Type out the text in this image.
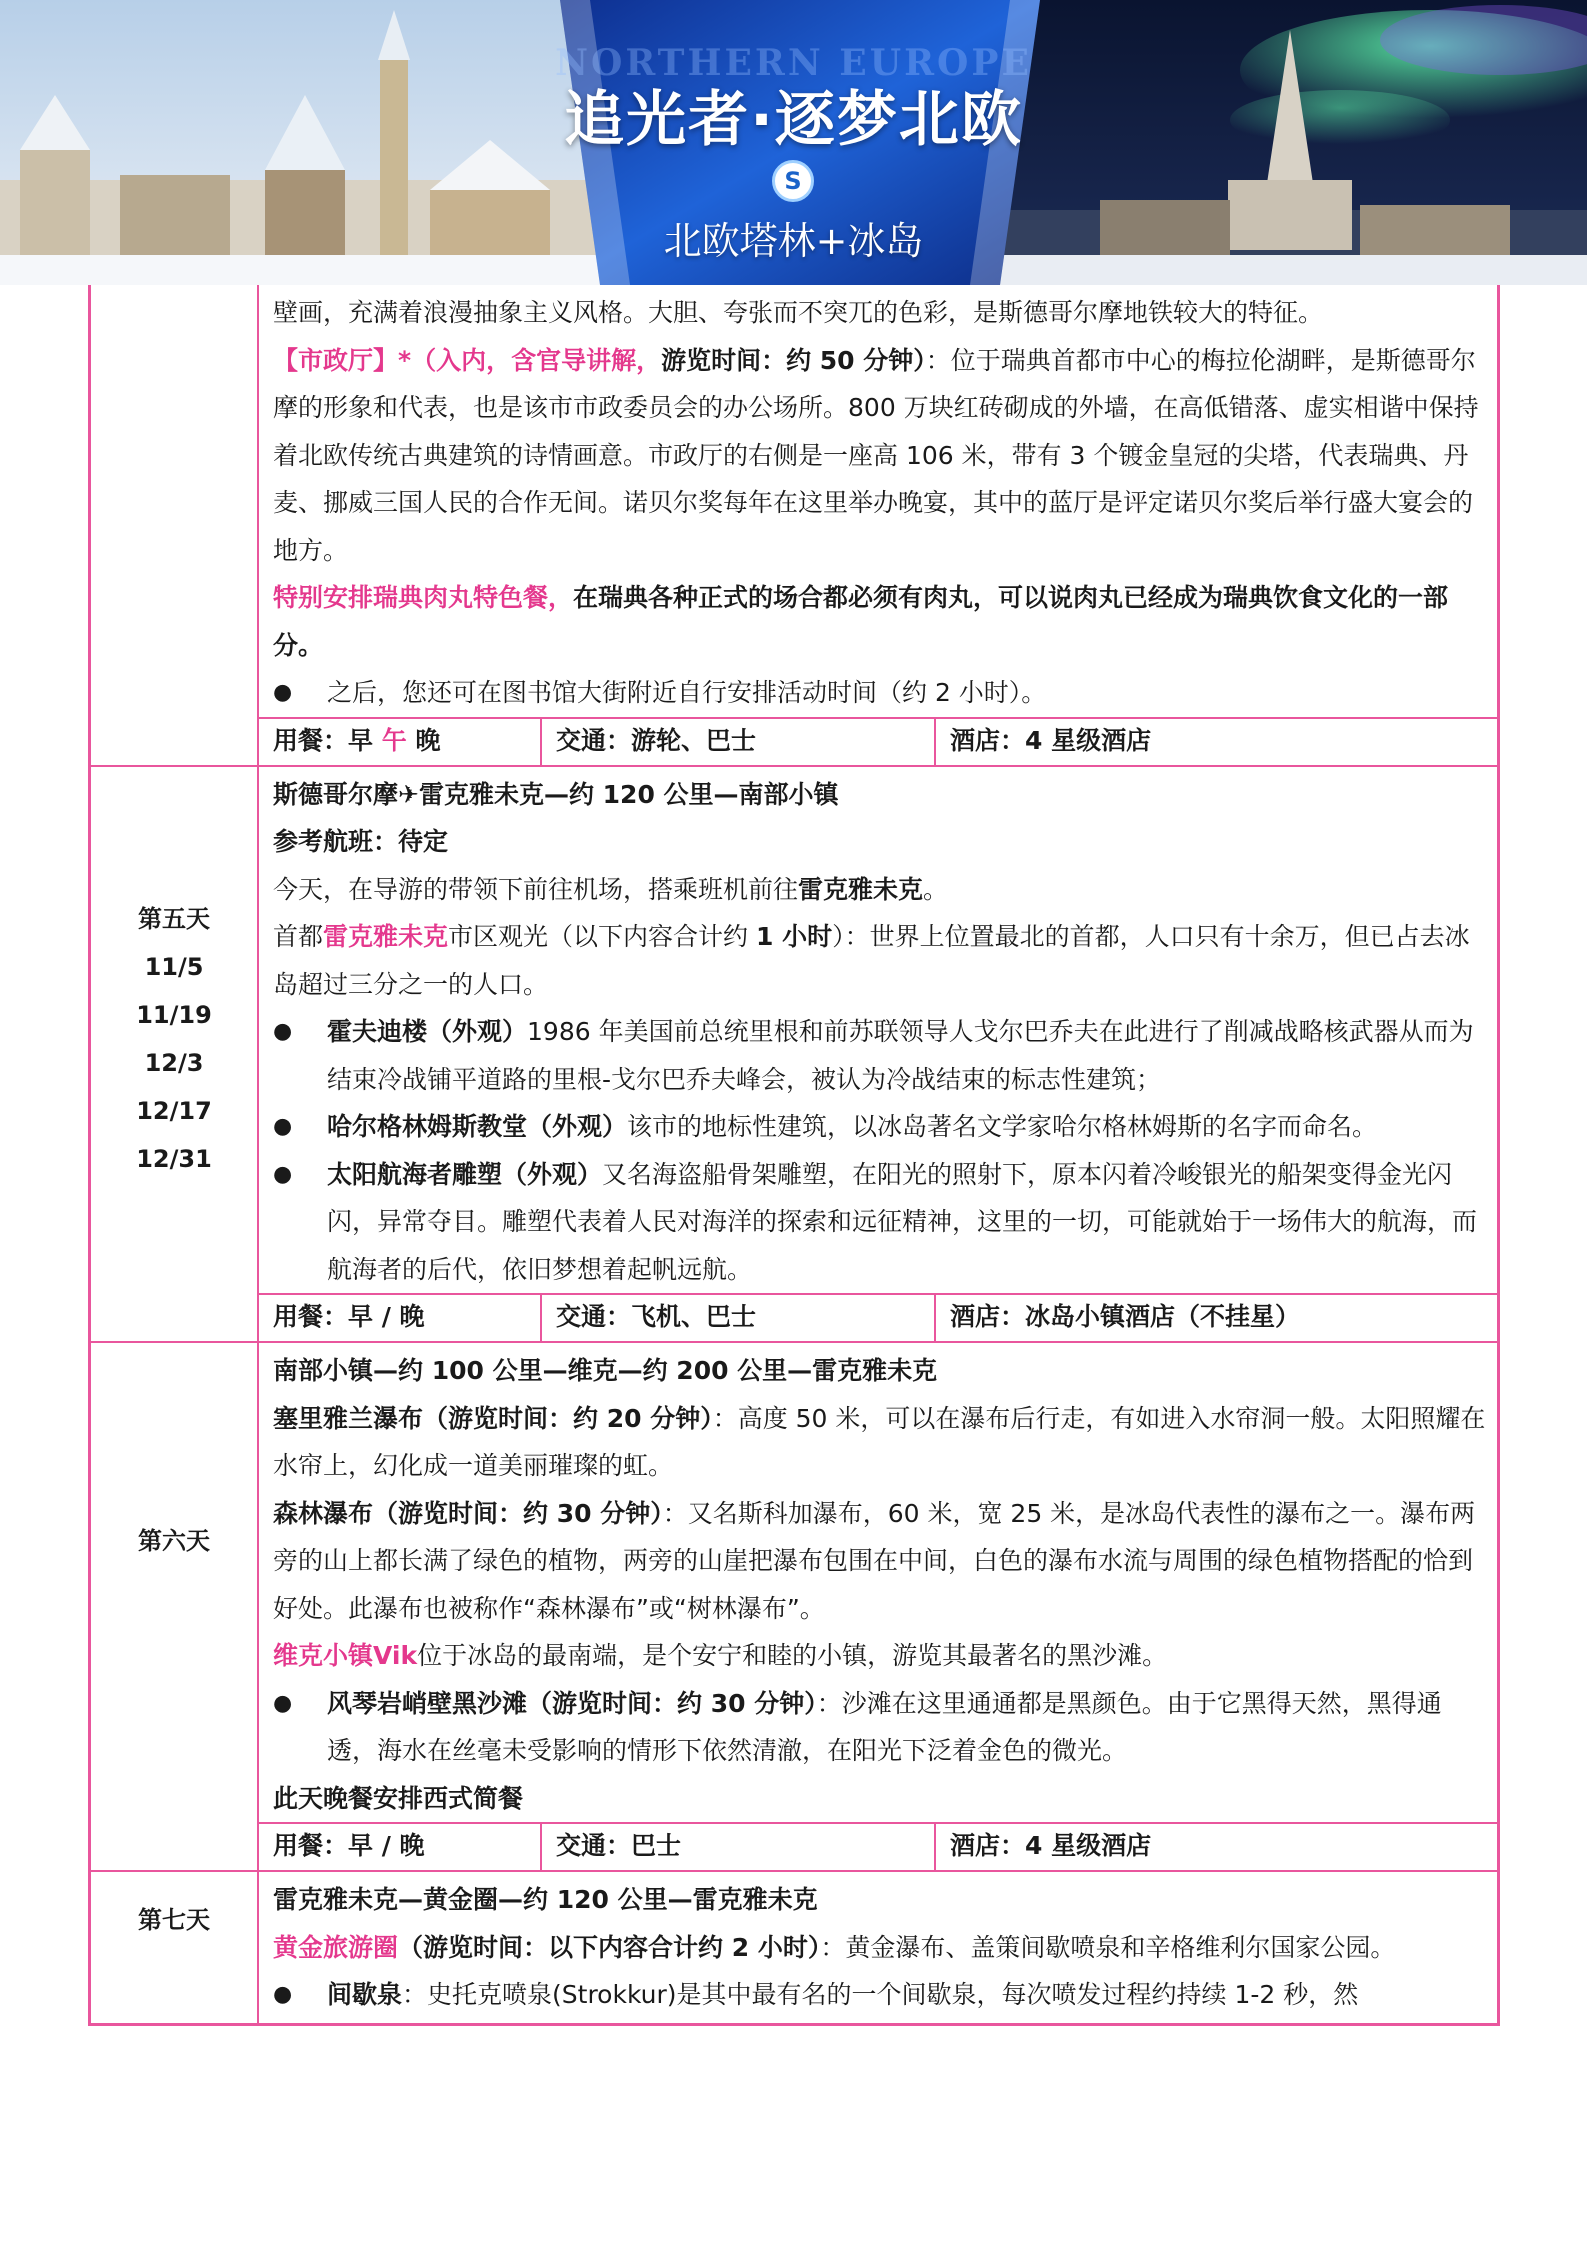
NORTHERN EUROPE
追光者·逐梦北欧
S
北欧塔林+冰岛

壁画，充满着浪漫抽象主义风格。大胆、夸张而不突兀的色彩，是斯德哥尔摩地铁较大的特征。

【市政厅】*（入内，含官导讲解，游览时间：约 50 分钟）：位于瑞典首都市中心的梅拉伦湖畔，是斯德哥尔摩的形象和代表，也是该市市政委员会的办公场所。800 万块红砖砌成的外墙，在高低错落、虚实相谐中保持着北欧传统古典建筑的诗情画意。市政厅的右侧是一座高 106 米，带有 3 个镀金皇冠的尖塔，代表瑞典、丹麦、挪威三国人民的合作无间。诺贝尔奖每年在这里举办晚宴，其中的蓝厅是评定诺贝尔奖后举行盛大宴会的地方。

特别安排瑞典肉丸特色餐，在瑞典各种正式的场合都必须有肉丸，可以说肉丸已经成为瑞典饮食文化的一部分。

●	之后，您还可在图书馆大街附近自行安排活动时间（约 2 小时）。
用餐：早 午 晚	交通：游轮、巴士	酒店：4 星级酒店
第五天
11/5
11/19
12/3
12/17
12/31

斯德哥尔摩✈雷克雅未克—约 120 公里—南部小镇

参考航班：待定

今天，在导游的带领下前往机场，搭乘班机前往雷克雅未克。

首都雷克雅未克市区观光（以下内容合计约 1 小时）：世界上位置最北的首都，人口只有十余万，但已占去冰岛超过三分之一的人口。

●	霍夫迪楼（外观）1986 年美国前总统里根和前苏联领导人戈尔巴乔夫在此进行了削减战略核武器从而为结束冷战铺平道路的里根-戈尔巴乔夫峰会，被认为冷战结束的标志性建筑；
●	哈尔格林姆斯教堂（外观）该市的地标性建筑，以冰岛著名文学家哈尔格林姆斯的名字而命名。
●	太阳航海者雕塑（外观）又名海盗船骨架雕塑，在阳光的照射下，原本闪着冷峻银光的船架变得金光闪闪，异常夺目。雕塑代表着人民对海洋的探索和远征精神，这里的一切，可能就始于一场伟大的航海，而航海者的后代，依旧梦想着起帆远航。
用餐：早 / 晚	交通：飞机、巴士	酒店：冰岛小镇酒店（不挂星）
第六天

南部小镇—约 100 公里—维克—约 200 公里—雷克雅未克

塞里雅兰瀑布（游览时间：约 20 分钟）：高度 50 米，可以在瀑布后行走，有如进入水帘洞一般。太阳照耀在水帘上，幻化成一道美丽璀璨的虹。

森林瀑布（游览时间：约 30 分钟）：又名斯科加瀑布，60 米，宽 25 米，是冰岛代表性的瀑布之一。瀑布两旁的山上都长满了绿色的植物，两旁的山崖把瀑布包围在中间，白色的瀑布水流与周围的绿色植物搭配的恰到好处。此瀑布也被称作“森林瀑布”或“树林瀑布”。

维克小镇Vik位于冰岛的最南端，是个安宁和睦的小镇，游览其最著名的黑沙滩。

●	风琴岩峭壁黑沙滩（游览时间：约 30 分钟）：沙滩在这里通通都是黑颜色。由于它黑得天然，黑得通透，海水在丝毫未受影响的情形下依然清澈，在阳光下泛着金色的微光。

此天晚餐安排西式简餐

用餐：早 / 晚	交通：巴士	酒店：4 星级酒店
第七天

雷克雅未克—黄金圈—约 120 公里—雷克雅未克

黄金旅游圈（游览时间：以下内容合计约 2 小时）：黄金瀑布、盖策间歇喷泉和辛格维利尔国家公园。

●	间歇泉：史托克喷泉(Strokkur)是其中最有名的一个间歇泉，每次喷发过程约持续 1-2 秒，然
